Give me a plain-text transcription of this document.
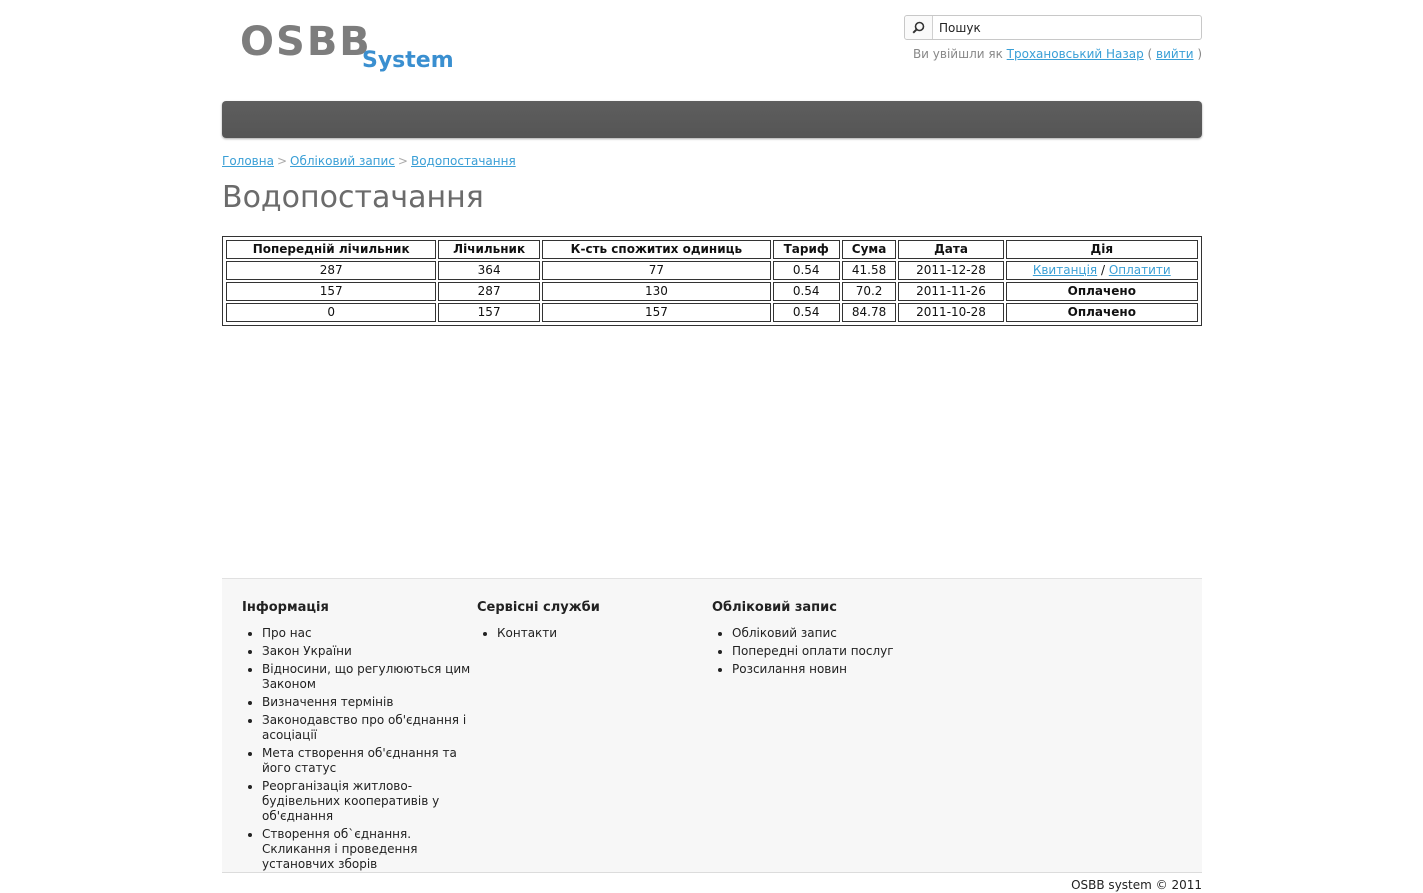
OSBB
System
Пошук	Ви увійшли як Трохановський Назар ( вийти )
Головна > Обліковий запис > Водопостачання
Водопостачання
Попередній лічильник	Лічильник	К-сть спожитих одиниць	Тариф	Сума	Дата	Дія
287	364	77	0.54	41.58	2011-12-28	Квитанція / Оплатити
157	287	130	0.54	70.2	2011-11-26	Оплачено
0	157	157	0.54	84.78	2011-10-28	Оплачено
Інформація
• Про нас
• Закон України
• Відносини, що регулюються цим Законом
• Визначення термінів
• Законодавство про об'єднання і асоціації
• Мета створення об'єднання та його статус
• Реорганізація житлово-будівельних кооперативів у об'єднання
• Створення об`єднання. Скликання і проведення установчих зборів
Сервісні служби
• Контакти
Обліковий запис
• Обліковий запис
• Попередні оплати послуг
• Розсилання новин
OSBB system © 2011
